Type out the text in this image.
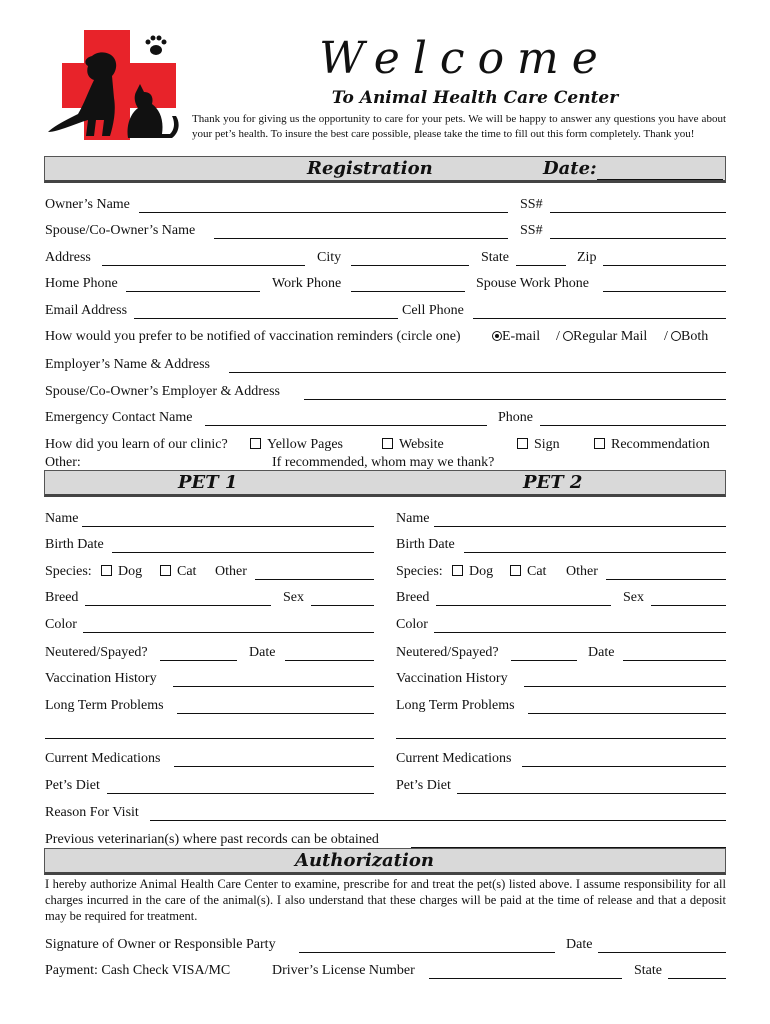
Welcome
To Animal Health Care Center
Thank you for giving us the opportunity to care for your pets. We will be happy to answer any questions you have about your pet’s health. To insure the best care possible, please take the time to fill out this form completely. Thank you!
Registration	Date:
Owner’s Name	SS#
Spouse/Co-Owner’s Name	SS#
Address	City	State	Zip
Home Phone	Work Phone	Spouse Work Phone
Email Address	Cell Phone
How would you prefer to be notified of vaccination reminders (circle one)	E-mail / Regular Mail / Both
Employer’s Name & Address
Spouse/Co-Owner’s Employer & Address
Emergency Contact Name	Phone
How did you learn of our clinic?	Yellow Pages	Website	Sign	Recommendation
Other:	If recommended, whom may we thank?
PET 1	PET 2
Name	Name
Birth Date	Birth Date
Species:	Dog	Cat Other	Species:	Dog	Cat Other
Breed	Sex	Breed	Sex
Color	Color
Neutered/Spayed?	Date	Neutered/Spayed?	Date
Vaccination History	Vaccination History
Long Term Problems	Long Term Problems
Current Medications	Current Medications
Pet’s Diet	Pet’s Diet
Reason For Visit
Previous veterinarian(s) where past records can be obtained
Authorization
I hereby authorize Animal Health Care Center to examine, prescribe for and treat the pet(s) listed above. I assume responsibility for all charges incurred in the care of the animal(s). I also understand that these charges will be paid at the time of release and that a deposit may be required for treatment.
Signature of Owner or Responsible Party	Date
Payment: Cash Check VISA/MC	Driver’s License Number	State
